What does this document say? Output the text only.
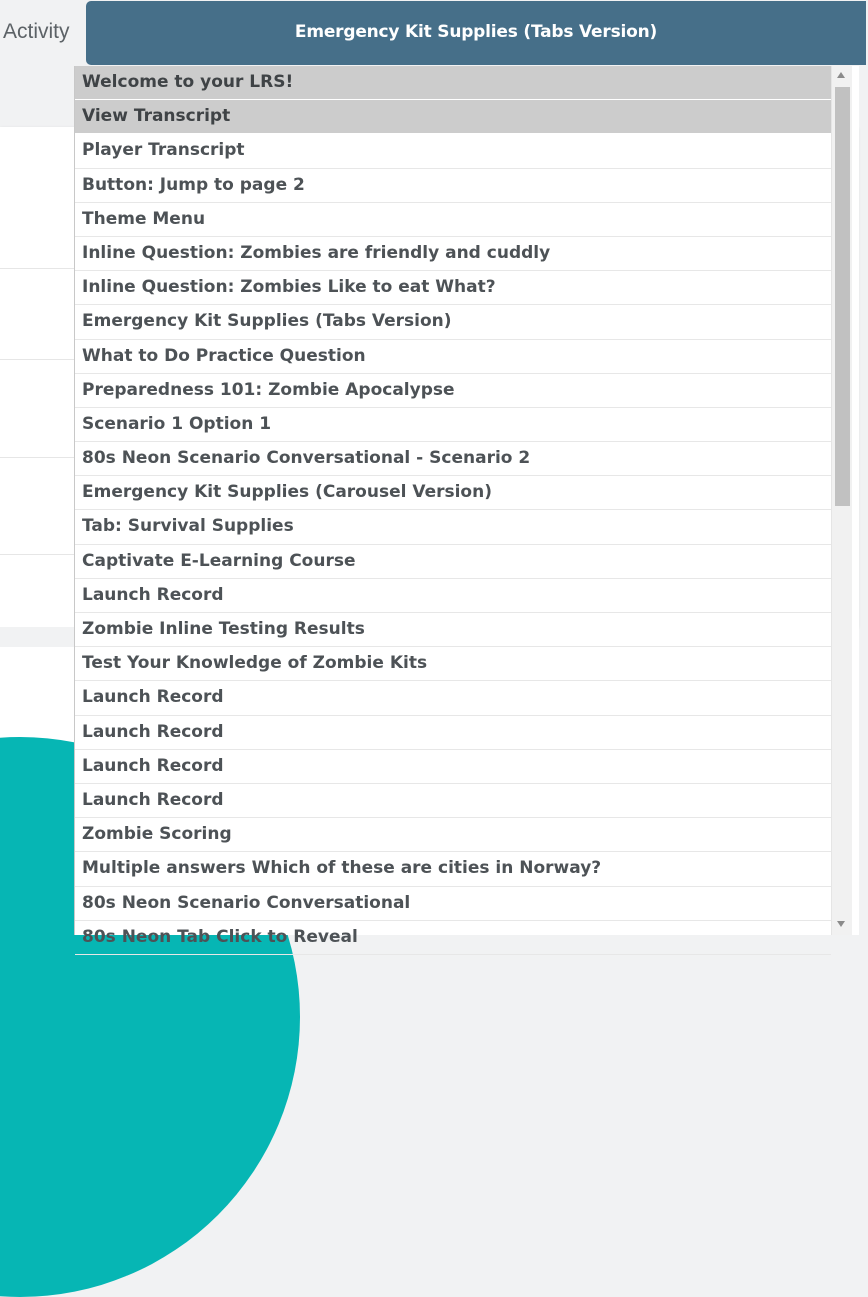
Activity	Emergency Kit Supplies (Tabs Version)
Welcome to your LRS!
View Transcript
Player Transcript
Button: Jump to page 2
Theme Menu
Inline Question: Zombies are friendly and cuddly
Inline Question: Zombies Like to eat What?
Emergency Kit Supplies (Tabs Version)
What to Do Practice Question
Preparedness 101: Zombie Apocalypse
Scenario 1 Option 1
80s Neon Scenario Conversational - Scenario 2
Emergency Kit Supplies (Carousel Version)
Tab: Survival Supplies
Captivate E-Learning Course
Launch Record
Zombie Inline Testing Results
Test Your Knowledge of Zombie Kits
Launch Record
Launch Record
Launch Record
Launch Record
Zombie Scoring
Multiple answers Which of these are cities in Norway?
80s Neon Scenario Conversational
80s Neon Tab Click to Reveal
